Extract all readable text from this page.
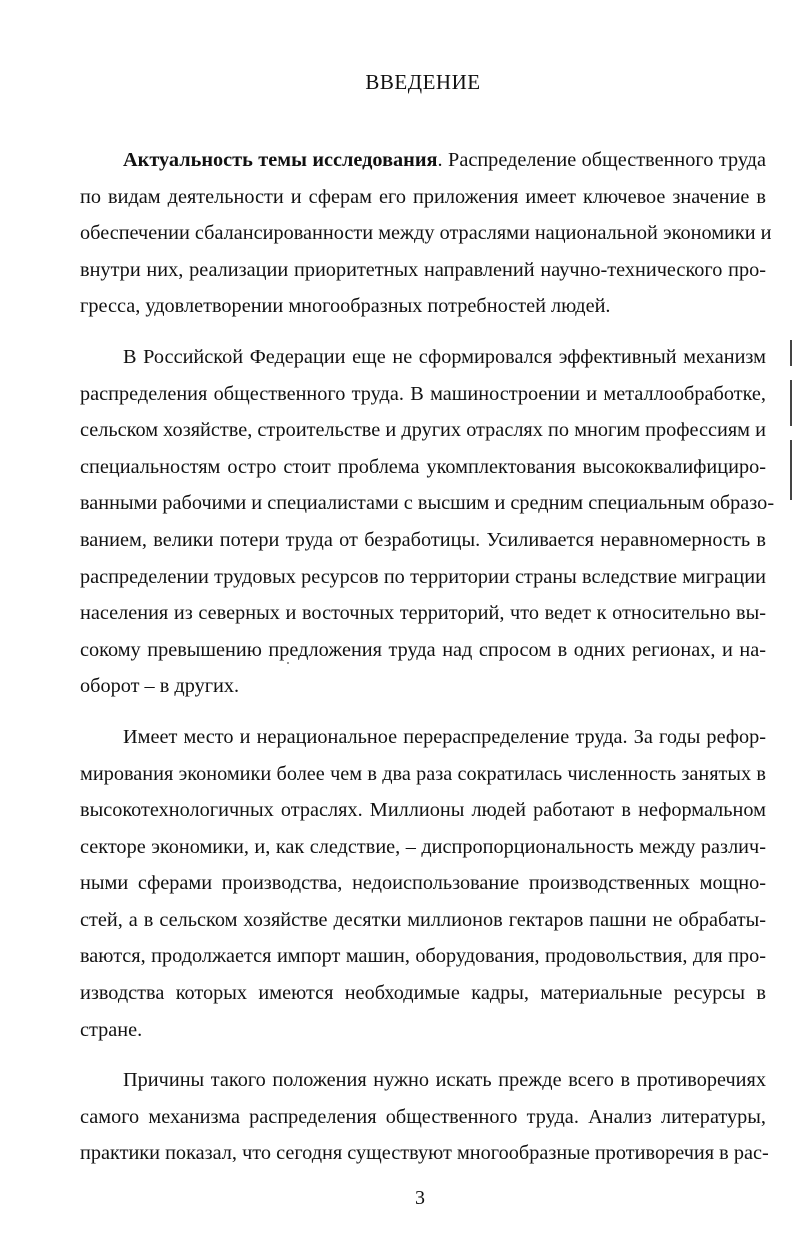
ВВЕДЕНИЕ
Актуальность темы исследования. Распределение общественного труда
по видам деятельности и сферам его приложения имеет ключевое значение в
обеспечении сбалансированности между отраслями национальной экономики и
внутри них, реализации приоритетных направлений научно-технического про-
гресса, удовлетворении многообразных потребностей людей.
В Российской Федерации еще не сформировался эффективный механизм
распределения общественного труда. В машиностроении и металлообработке,
сельском хозяйстве, строительстве и других отраслях по многим профессиям и
специальностям остро стоит проблема укомплектования высококвалифициро-
ванными рабочими и специалистами с высшим и средним специальным образо-
ванием, велики потери труда от безработицы. Усиливается неравномерность в
распределении трудовых ресурсов по территории страны вследствие миграции
населения из северных и восточных территорий, что ведет к относительно вы-
сокому превышению предложения труда над спросом в одних регионах, и на-
оборот – в других.
Имеет место и нерациональное перераспределение труда. За годы рефор-
мирования экономики более чем в два раза сократилась численность занятых в
высокотехнологичных отраслях. Миллионы людей работают в неформальном
секторе экономики, и, как следствие, – диспропорциональность между различ-
ными сферами производства, недоиспользование производственных мощно-
стей, а в сельском хозяйстве десятки миллионов гектаров пашни не обрабаты-
ваются, продолжается импорт машин, оборудования, продовольствия, для про-
изводства которых имеются необходимые кадры, материальные ресурсы в
стране.
Причины такого положения нужно искать прежде всего в противоречиях
самого механизма распределения общественного труда. Анализ литературы,
практики показал, что сегодня существуют многообразные противоречия в рас-
3
